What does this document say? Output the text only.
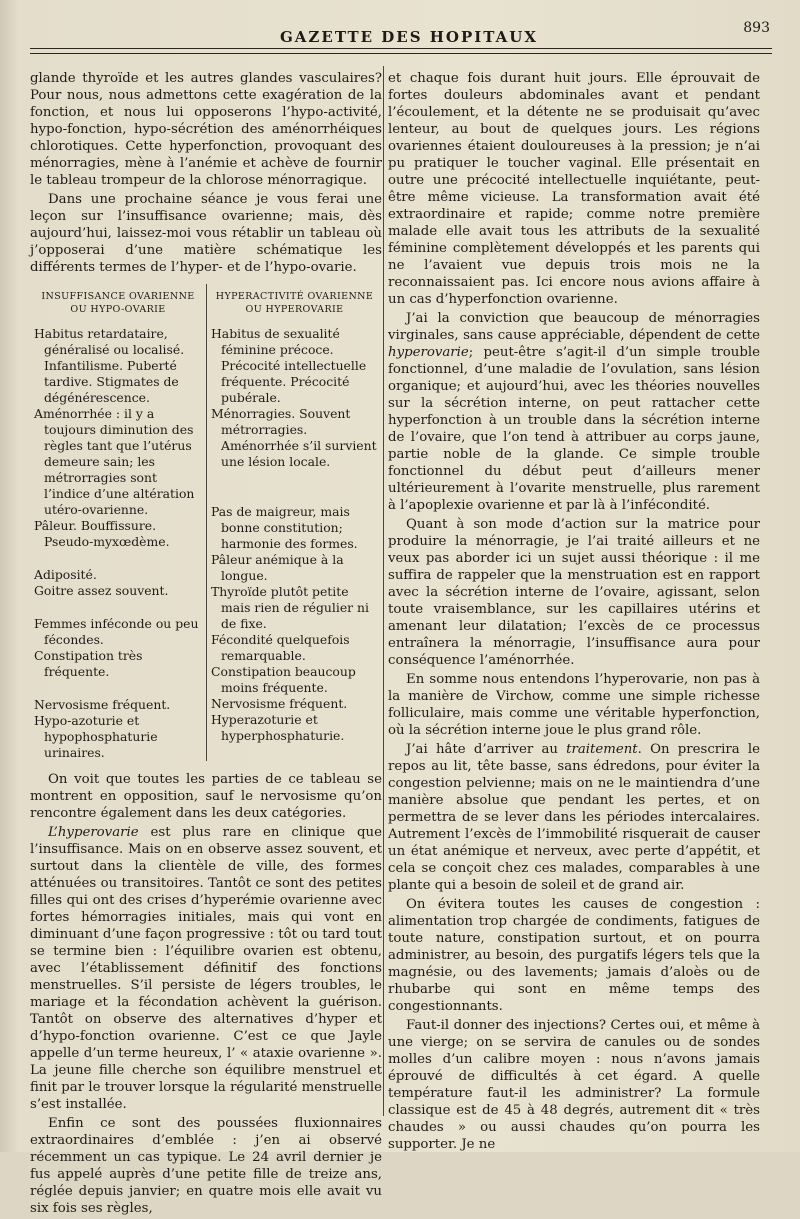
GAZETTE DES HOPITAUX	893

glande thyroïde et les autres glandes vasculaires? Pour nous, nous admettons cette exagération de la fonction, et nous lui opposerons l’hypo-activité, hypo-fonction, hypo-sécrétion des aménorrhéiques chlorotiques. Cette hyperfonction, provoquant des ménorragies, mène à l’anémie et achève de fournir le tableau trompeur de la chlorose ménorragique.

Dans une prochaine séance je vous ferai une leçon sur l’insuffisance ovarienne; mais, dès aujourd’hui, laissez-moi vous rétablir un tableau où j’opposerai d’une matière schématique les différents termes de l’hyper- et de l’hypo-ovarie.

INSUFFISANCE OVARIENNE OU HYPO-OVARIE
Habitus retardataire, généralisé ou localisé. Infantilisme. Puberté tardive. Stigmates de dégénérescence.
Aménorrhée : il y a toujours diminution des règles tant que l’utérus demeure sain; les métrorragies sont l’indice d’une altération utéro-ovarienne.
Pâleur. Bouffissure. Pseudo-myxœdème.
Adiposité.
Goitre assez souvent.
Femmes inféconde ou peu fécondes.
Constipation très fréquente.
Nervosisme fréquent.
Hypo-azoturie et hypophosphaturie urinaires.
HYPERACTIVITÉ OVARIENNE OU HYPEROVARIE
Habitus de sexualité féminine précoce. Précocité intellectuelle fréquente. Précocité pubérale.
Ménorragies. Souvent métrorragies. Aménorrhée s’il survient une lésion locale.
Pas de maigreur, mais bonne constitution; harmonie des formes.
Pâleur anémique à la longue.
Thyroïde plutôt petite mais rien de régulier ni de fixe.
Fécondité quelquefois remarquable.
Constipation beaucoup moins fréquente.
Nervosisme fréquent.
Hyperazoturie et hyperphosphaturie.

On voit que toutes les parties de ce tableau se montrent en opposition, sauf le nervosisme qu’on rencontre également dans les deux catégories.

L’hyperovarie est plus rare en clinique que l’insuffisance. Mais on en observe assez souvent, et surtout dans la clientèle de ville, des formes atténuées ou transitoires. Tantôt ce sont des petites filles qui ont des crises d’hyperémie ovarienne avec fortes hémorragies initiales, mais qui vont en diminuant d’une façon progressive : tôt ou tard tout se termine bien : l’équilibre ovarien est obtenu, avec l’établissement définitif des fonctions menstruelles. S’il persiste de légers troubles, le mariage et la fécondation achèvent la guérison. Tantôt on observe des alternatives d’hyper et d’hypo-fonction ovarienne. C’est ce que Jayle appelle d’un terme heureux, l’ « ataxie ovarienne ». La jeune fille cherche son équilibre menstruel et finit par le trouver lorsque la régularité menstruelle s’est installée.

Enfin ce sont des poussées fluxionnaires extraordinaires d’emblée : j’en ai observé récemment un cas typique. Le 24 avril dernier je fus appelé auprès d’une petite fille de treize ans, réglée depuis janvier; en quatre mois elle avait vu six fois ses règles,

et chaque fois durant huit jours. Elle éprouvait de fortes douleurs abdominales avant et pendant l’écoulement, et la détente ne se produisait qu’avec lenteur, au bout de quelques jours. Les régions ovariennes étaient douloureuses à la pression; je n’ai pu pratiquer le toucher vaginal. Elle présentait en outre une précocité intellectuelle inquiétante, peut-être même vicieuse. La transformation avait été extraordinaire et rapide; comme notre première malade elle avait tous les attributs de la sexualité féminine complètement développés et les parents qui ne l’avaient vue depuis trois mois ne la reconnaissaient pas. Ici encore nous avions affaire à un cas d’hyperfonction ovarienne.

J’ai la conviction que beaucoup de ménorragies virginales, sans cause appréciable, dépendent de cette hyperovarie; peut-être s’agit-il d’un simple trouble fonctionnel, d’une maladie de l’ovulation, sans lésion organique; et aujourd’hui, avec les théories nouvelles sur la sécrétion interne, on peut rattacher cette hyperfonction à un trouble dans la sécrétion interne de l’ovaire, que l’on tend à attribuer au corps jaune, partie noble de la glande. Ce simple trouble fonctionnel du début peut d’ailleurs mener ultérieurement à l’ovarite menstruelle, plus rarement à l’apoplexie ovarienne et par là à l’infécondité.

Quant à son mode d’action sur la matrice pour produire la ménorragie, je l’ai traité ailleurs et ne veux pas aborder ici un sujet aussi théorique : il me suffira de rappeler que la menstruation est en rapport avec la sécrétion interne de l’ovaire, agissant, selon toute vraisemblance, sur les capillaires utérins et amenant leur dilatation; l’excès de ce processus entraînera la ménorragie, l’insuffisance aura pour conséquence l’aménorrhée.

En somme nous entendons l’hyperovarie, non pas à la manière de Virchow, comme une simple richesse folliculaire, mais comme une véritable hyperfonction, où la sécrétion interne joue le plus grand rôle.

J’ai hâte d’arriver au traitement. On prescrira le repos au lit, tête basse, sans édredons, pour éviter la congestion pelvienne; mais on ne le maintiendra d’une manière absolue que pendant les pertes, et on permettra de se lever dans les périodes intercalaires. Autrement l’excès de l’immobilité risquerait de causer un état anémique et nerveux, avec perte d’appétit, et cela se conçoit chez ces malades, comparables à une plante qui a besoin de soleil et de grand air.

On évitera toutes les causes de congestion : alimentation trop chargée de condiments, fatigues de toute nature, constipation surtout, et on pourra administrer, au besoin, des purgatifs légers tels que la magnésie, ou des lavements; jamais d’aloès ou de rhubarbe qui sont en même temps des congestionnants.

Faut-il donner des injections? Certes oui, et même à une vierge; on se servira de canules ou de sondes molles d’un calibre moyen : nous n’avons jamais éprouvé de difficultés à cet égard. A quelle température faut-il les administrer? La formule classique est de 45 à 48 degrés, autrement dit « très chaudes » ou aussi chaudes qu’on pourra les supporter. Je ne
